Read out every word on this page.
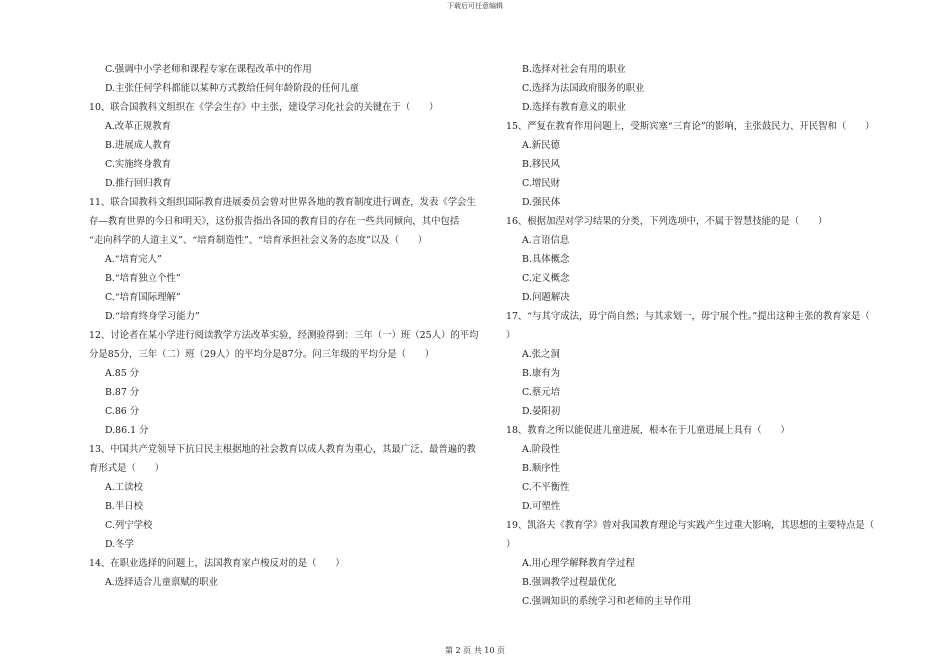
下载后可任意编辑
C.强调中小学老师和课程专家在课程改革中的作用
D.主张任何学科都能以某种方式教给任何年龄阶段的任何儿童
10、联合国教科文组织在《学会生存》中主张，建设学习化社会的关键在于（　　）
A.改革正规教育
B.进展成人教育
C.实施终身教育
D.推行回归教育
11、联合国教科文组织国际教育进展委员会曾对世界各地的教育制度进行调查，发表《学会生
存—教育世界的今日和明天》，这份报告指出各国的教育目的存在一些共同倾向，其中包括
“走向科学的人道主义”、“培育制造性”、“培育承担社会义务的态度”以及（　　）
A.“培育完人”
B.“培育独立个性”
C.“培育国际理解”
D.“培育终身学习能力”
12、讨论者在某小学进行阅读教学方法改革实验，经测验得到：三年（一）班（25人）的平均
分是85分，三年（二）班（29人）的平均分是87分。问三年级的平均分是（　　）
A.85 分
B.87 分
C.86 分
D.86.1 分
13、中国共产党领导下抗日民主根据地的社会教育以成人教育为重心，其最广泛、最普遍的教
育形式是（　　）
A.工读校
B.半日校
C.列宁学校
D.冬学
14、在职业选择的问题上，法国教育家卢梭反对的是（　　）
A.选择适合儿童禀赋的职业
B.选择对社会有用的职业
C.选择为法国政府服务的职业
D.选择有教育意义的职业
15、严复在教育作用问题上，受斯宾塞“三育论”的影响，主张鼓民力、开民智和（　　）
A.新民德
B.移民风
C.增民财
D.强民体
16、根据加涅对学习结果的分类，下列选项中，不属于智慧技能的是（　　）
A.言语信息
B.具体概念
C.定义概念
D.问题解决
17、“与其守成法，毋宁尚自然；与其求划一，毋宁展个性。”提出这种主张的教育家是（
）
A.张之洞
B.康有为
C.蔡元培
D.晏阳初
18、教育之所以能促进儿童进展，根本在于儿童进展上具有（　　）
A.阶段性
B.顺序性
C.不平衡性
D.可塑性
19、凯洛夫《教育学》曾对我国教育理论与实践产生过重大影响，其思想的主要特点是（
）
A.用心理学解释教育学过程
B.强调教学过程最优化
C.强调知识的系统学习和老师的主导作用
第 2 页 共 10 页
